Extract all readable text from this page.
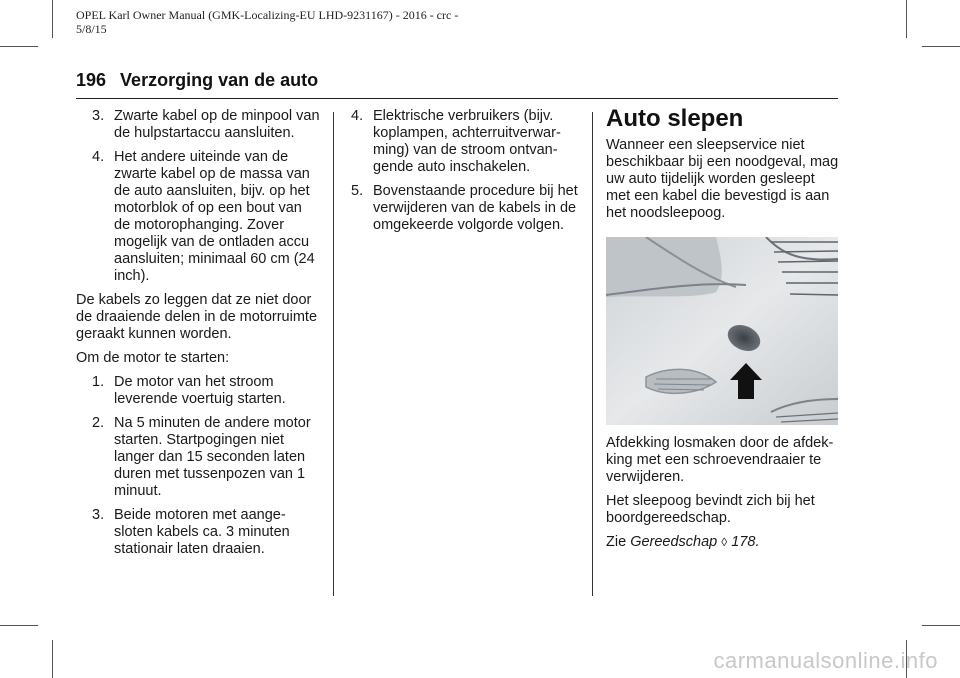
OPEL Karl Owner Manual (GMK-Localizing-EU LHD-9231167) - 2016 - crc -
5/8/15
196 Verzorging van de auto
3. Zwarte kabel op de minpool van de hulpstartaccu aansluiten.
4. Het andere uiteinde van de zwarte kabel op de massa van de auto aansluiten, bijv. op het motorblok of op een bout van de motorophanging. Zover mogelijk van de ontladen accu aansluiten; minimaal 60 cm (24 inch).

De kabels zo leggen dat ze niet door de draaiende delen in de motorruimte geraakt kunnen worden.

Om de motor te starten:

1. De motor van het stroom leverende voertuig starten.
2. Na 5 minuten de andere motor starten. Startpogingen niet langer dan 15 seconden laten duren met tussenpozen van 1 minuut.
3. Beide motoren met aange-sloten kabels ca. 3 minuten stationair laten draaien.
4. Elektrische verbruikers (bijv. koplampen, achterruitverwar-ming) van de stroom ontvan-gende auto inschakelen.
5. Bovenstaande procedure bij het verwijderen van de kabels in de omgekeerde volgorde volgen.
Auto slepen

Wanneer een sleepservice niet beschikbaar bij een noodgeval, mag uw auto tijdelijk worden gesleept met een kabel die bevestigd is aan het noodsleepoog.

Afdekking losmaken door de afdek-king met een schroevendraaier te verwijderen.

Het sleepoog bevindt zich bij het boordgereedschap.

Zie Gereedschap ◊ 178.

carmanualsonline.info
